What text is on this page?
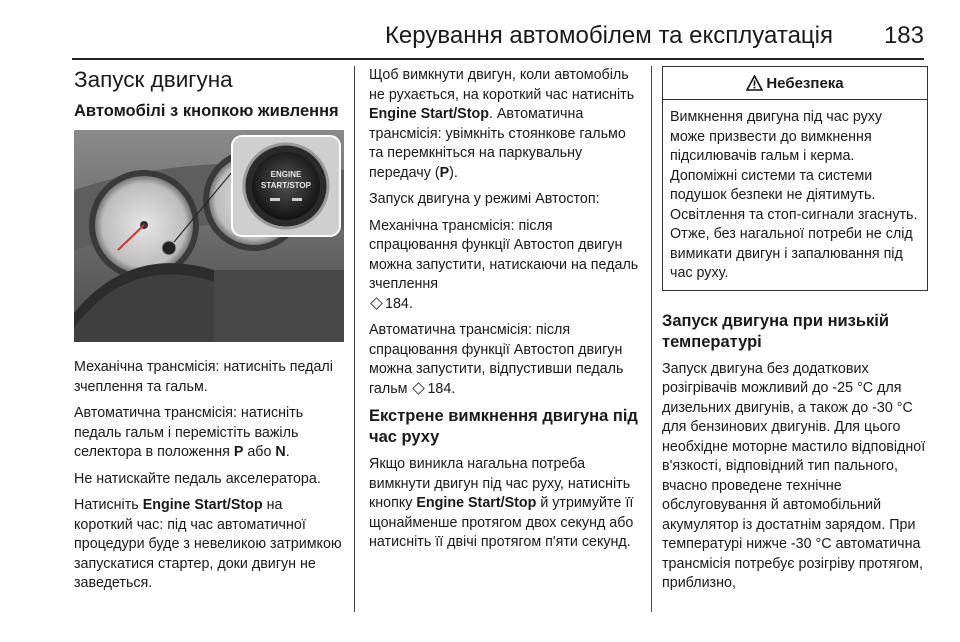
Керування автомобілем та експлуатація 183
Запуск двигуна
Автомобілі з кнопкою живлення
ENGINE
START/STOP

Механічна трансмісія: натисніть педалі зчеплення та гальм.

Автоматична трансмісія: натисніть педаль гальм і перемістіть важіль селектора в положення P або N.

Не натискайте педаль акселератора.

Натисніть Engine Start/Stop на короткий час: під час автоматичної процедури буде з невеликою затримкою запускатися стартер, доки двигун не заведеться.

Щоб вимкнути двигун, коли автомобіль не рухається, на короткий час натисніть Engine Start/Stop. Автоматична трансмісія: увімкніть стоянкове гальмо та перемкніться на паркувальну передачу (P).

Запуск двигуна у режимі Автостоп:

Механічна трансмісія: після спрацювання функції Автостоп двигун можна запустити, натискаючи на педаль зчеплення
184.

Автоматична трансмісія: після спрацювання функції Автостоп двигун можна запустити, відпустивши педаль гальм 184.

Екстрене вимкнення двигуна під час руху

Якщо виникла нагальна потреба вимкнути двигун під час руху, натисніть кнопку Engine Start/Stop й утримуйте її щонайменше протягом двох секунд або натисніть її двічі протягом п'яти секунд.

Небезпека

Вимкнення двигуна під час руху може призвести до вимкнення підсилювачів гальм і керма. Допоміжні системи та системи подушок безпеки не діятимуть. Освітлення та стоп-сигнали згаснуть. Отже, без нагальної потреби не слід вимикати двигун і запалювання під час руху.

Запуск двигуна при низькій температурі

Запуск двигуна без додаткових розігрівачів можливий до -25 °C для дизельних двигунів, а також до -30 °C для бензинових двигунів. Для цього необхідне моторне мастило відповідної в'язкості, відповідний тип пального, вчасно проведене технічне обслуговування й автомобільний акумулятор із достатнім зарядом. При температурі нижче -30 °C автоматична трансмісія потребує розігріву протягом, приблизно,
